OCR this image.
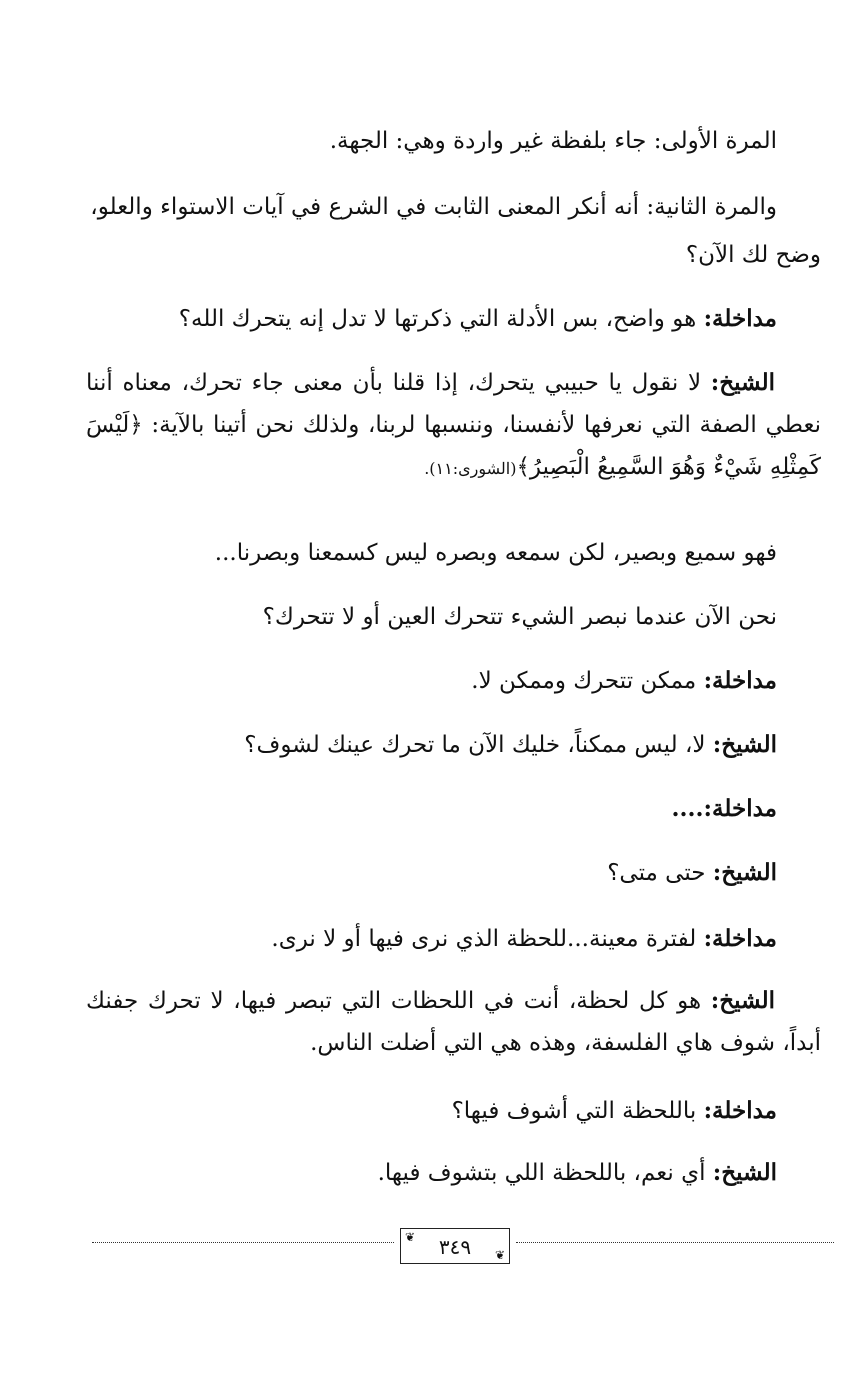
المرة الأولى: جاء بلفظة غير واردة وهي: الجهة.
والمرة الثانية: أنه أنكر المعنى الثابت في الشرع في آيات الاستواء والعلو،
وضح لك الآن؟
مداخلة: هو واضح، بس الأدلة التي ذكرتها لا تدل إنه يتحرك الله؟
الشيخ: لا نقول يا حبيبي يتحرك، إذا قلنا بأن معنى جاء تحرك، معناه أننا نعطي الصفة التي نعرفها لأنفسنا، وننسبها لربنا، ولذلك نحن أتينا بالآية: ﴿لَيْسَ كَمِثْلِهِ شَيْءٌ وَهُوَ السَّمِيعُ الْبَصِيرُ﴾(الشورى:١١).
فهو سميع وبصير، لكن سمعه وبصره ليس كسمعنا وبصرنا...
نحن الآن عندما نبصر الشيء تتحرك العين أو لا تتحرك؟
مداخلة: ممكن تتحرك وممكن لا.
الشيخ: لا، ليس ممكناً، خليك الآن ما تحرك عينك لشوف؟
مداخلة:....
الشيخ: حتى متى؟
مداخلة: لفترة معينة...للحظة الذي نرى فيها أو لا نرى.
الشيخ: هو كل لحظة، أنت في اللحظات التي تبصر فيها، لا تحرك جفنك أبداً، شوف هاي الفلسفة، وهذه هي التي أضلت الناس.
مداخلة: باللحظة التي أشوف فيها؟
الشيخ: أي نعم، باللحظة اللي بتشوف فيها.
❦
❦
٣٤٩
